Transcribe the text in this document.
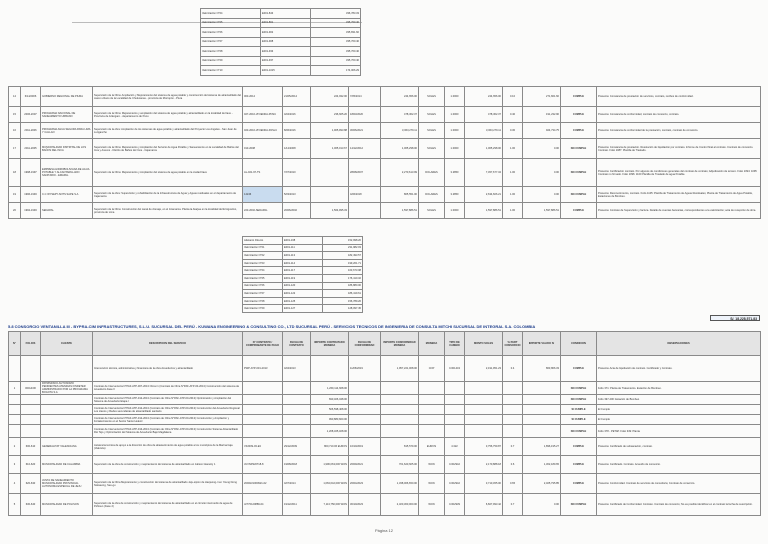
Valorización N°04	E001-843	336,783.33
Valorización N°05	E001-861	335,760.40
Valorización N°06	E001-902	335,831.60
Valorización N°07	E001-908	335,760.40
Valorización N°08	E001-933	335,760.40
Valorización N°09	E001-937	335,760.40
Valorización N°10	E001-1015	174,006.29
14	6/14/2006	GOBIERNO REGIONAL DE PIURA	Supervisión de la Obra: Ampliación y Mejoramiento del sistema de agua potable y construcción del sistema de alcantarillado del casco urbano de la Localidad de Chulucanas - provincia de Morropón - Piura	003-2014	21/05/2014	224,932.00	7/05/2014	244,656.00	SOLES	1.0000	244,656.00	0.10	271,821.60	CUMPLE	Presenta: Constancia de prestación de servicios, contrato, recibos de conformidad.
15	2006-2007	PROGRAMA NACIONAL DE SANEAMIENTO URBANO	Supervisión de la Obra: Mejoramiento y ampliación del sistema de agua potable y alcantarillado en la localidad de Ilave - Provincia de Azángaro - departamento de Puno	027-2016-VIVIENDA-PNSU	4/04/2016	236,665.20	18/03/2020	478,362.37	SOLES	1.0000	478,362.37	0.40	191,232.90	CUMPLE	Presenta: Constancia de conformidad, contrato de consorcio, contrato.
16	2011-2006	PROGRAMA AGUA SEGURA PARA LIMA Y CALLAO	Supervisión de la obra: Ampliación de los sistemas de agua potable y alcantarillado del Proyecto Los Angeles - San Juan de Lurigancho	023-2016-VIVIENDA-PASLC	8/06/2016	1,905,993.88	30/06/2021	3,063,279.11	SOLES	1.0000	3,063,279.11	0.30	924,734.75	CUMPLE	Presenta: Constancia de conformidad de la prestación, contrato, contrato de consorcio.
17	2011-2005	MUNICIPALIDAD DISTRITAL DE LOS BAÑOS DEL INCA	Supervisión de la Obra: Mejoramiento y Ampliación del Servicio de Agua Potable y Saneamiento en la Localidad de Baños del Inca y Anexos - Distrito de Baños del Inca - Cajamarca	013-2008	1/12/2008	1,065,013.67	14/12/2012	1,065,298.00	SOLES	1.0000	1,065,298.00	1.00	0.00	NO CUMPLE	Presenta: Constancia de prestación. Resolución de liquidación por contrato. Informe de Control final al contrato. Contrato de consorcio. Contrato. Folio 1087: Planilla de Traslado.
18	1998-1997	EMPRESA HIDROBOLIVIANA DE AGUA POTABLE Y ALCANTARILLADO SANITARIO - EMAPAL	Supervisión de la Obra: Mejoramiento y Ampliación del sistema de agua potable en la ciudad Ilave	AL-021-97-TS	7/07/2010		28/08/2007	2,270,613.99	DOLARES	3.2850	7,457,677.34	1.00	0.00	NO CUMPLE	Presenta: Certificación contrato. Por algunos de condiciones generales del contrato de contrato; Adjudicación de tercero. Folio 1094: 1095 Contrato no firmado. Folio 1096: 1100 Planilla de Traslado de agua Potable.
19	1996-1993	C.C WYSEPY-SNTS SAPE S.A	Supervisión de la obra: Supervisión y rehabilitación de la Infraestructura de Agua y Aguas residuales en el departamento de Cajamarca	14246	5/03/2013		4/06/2018	805,551.00	DOLARES	3.2850	2,634,606.21	1.00	0.00	NO CUMPLE	Presenta: Reconocimiento, contrato. Folio 1105: Planilla de Tratamiento de Aguas Residuales; Planta de Tratamiento de Agua Potable, Estaciones de Bombeo.
20	1992-1993	SEDAPAL	Supervisión de la Obra: Construcción del canal de drenaje, en el Jicamarca. Planta la Atarjea en la localidad del El Agustino, provincia de Lima	223-2002-SEDAPAL	20/06/2002	1,564,995.33		1,597,886.51	SOLES	1.0000	1,597,886.51	1.00	1,597,886.51	CUMPLE	Presenta: Contrato de Supervisión y factura. Detalle de cuentas bancarias, correspondientes a la valorización; acta de recepción de obra.
Adelanto Directo	E001-168	152,998.20
Valorización N°01	E001-111	231,982.03
Valorización N°02	E001-113	182,493.57
Valorización N°03	E001-114	199,261.71
Valorización N°04	E001-117	163,673.08
Valorización N°05	E001-119	176,410.32
Valorización N°06	E001-120	186,880.00
Valorización N°07	E001-122	186,419.61
Valorización N°08	E001-125	156,789.26
Valorización N°09	E001-127	128,097.45
S/. 18,228,571.83
5.8 CONSORCIO VENTANILLA III - BYPRA-CIM INFRASTRUCTURES, S.L.U. SUCURSAL DEL PERÚ - KUWANA ENGINEERING & CONSULTING CO., LTD SUCURSAL PERÚ - SERVICIOS TECNICOS DE INGENIERIA DE CONSULTA MITCHI SUCURSAL DE INTEGRAL S.A. COLOMBIA
N°	FOLIOS	CLIENTE	DESCRIPCION DEL SERVICIO	N° CONTRATO / COMPROBANTE DE PAGO	FECHA DE CONTRATO	IMPORTE CONTRATADO MONEDA	FECHA DE CONFORMIDAD	IMPORTE CONFORMIDAD MONEDA	MONEDA	TIPO DE CAMBIO	MONTO SOLES	% PART CONSORCIO	IMPORTE VALIDO S/	CONDICION	OBSERVACIONES
			Intervención técnica, administrativa y financiera de la obra Acueductos y alcantarillado	PWP-ATP-001-2013	4/04/2013		11/06/2019	1,957,221,008.00	COP	0.001443	2,191,951.23	0.4	863,806.33	CUMPLE	Presenta: Acta de liquidación de contrato. Certificado y Contrato.
1	000x4/00	PATRIMONIO AUTONOMO PENDIENTES ATENIDAS FINDETER ADMINISTRADO POR LA PROGRAMA BOGOTA S.A	Contrato de Interventoría N°PAF-ATP-007-2013 Otrosi 1 (Contrato de Obra N°PAF-ATP-00-2013) Construcción del sistema de Acueducto Fase II			1,269,114,668.00								NO CUMPLE	Folio 371: Planta de Tratamiento. Estación de Bombeo.
			Contrato de Interventoría N°PAF-ATP-012-2013 (Contrato de Obra N°PAF-ATP-00-2013) Optimización y Ampliación del Sistema de Acueducto Etapa I			690,406,048.00								NO CUMPLE	Folio 397-400: Estación de Bombeo
			Contrato de Interventoría N°PAF-ATP-012-2013 (Contrato de Obra N°PAF-ATP-00-2013) Construcción del Acueducto Regional Los Llanos y Redes secundarias de alcantarillado sanitario			506,598,408.00								SI CUMPLE	El Cumple
			Contrato de Interventoría N°PAF-ATP-012-2013 (Contrato de Obra N°PAF-ATP-00-2013) Construcción y Ampliación y Fortalecimiento en el Sector Santo Helecir			990,880,820.00								SI CUMPLE	El Cumple
			Contrato de Interventoría N°PAF-ATP-013-2013 (Contrato de Obra N°PAF-ATP-00-2013) Construcción Sistema Alcantarillado Río Tejo y Optimización del Sistema de Acueducto Bajo Magdalena			1,208,325,408.00								NO CUMPLE	Folio 378 - PETAP. Folio 349: Planta
2	600-610	GENERALITAT VALENCIANA	Asistencia técnica de apoyo a la dirección de obra de abastecimiento de agua potable a los municipios de la Marina baja (Valencia)	VF2009-03-E3	29/12/2009	800,710.06 EUROS	16/10/2019	815,579.00	EUROS	4.322	3,756,759.87	0.7	1,896,195.27	CUMPLE	Presenta: Certificado de subsanación, contrato.
3	610-620	MUNICIPALIDAD DE CALAMBIA	Supervisión de la obra de construcción y mejoramiento del sistema de alcantarillado en Jalisco Gianetty 1	JUVSIPENT18-8	19/08/2018	1,996,063,000 WON	26/09/2021	701,620,605.00	WON	0.002942	2,170,888.18	0.6	1,302,189.65	CUMPLE	Presenta: Certificado. Contrato. Acuerdo de consorcio.
4	620-630	JUNTA DE SANEAMIENTO MUNICIPALIDAD PROVINCIAL AUTONOMA ESPECIAL DE JEJU	Supervisión de la Obra Mejoramiento y construcción del sistema de alcantarillado Jeju-sipion de Hanjeong-ri en Young Dong Nokseong, Seo-gu	20/09/21060921-02	4/07/2014	1,663,642,000 WON	26/04/2023	1,338,006,650.00	WON	0.002942	3,710,455.00	0.65	2,405,795.85	CUMPLE	Presenta: Conformidad. Contrato de servicios de consultoría; Contrato de consorcio.
5	630-640	MUNICIPALIDAD DE POLISON	Supervisión de la obra de construcción y mejoramiento del sistema de alcantarillado en el circuito intermedio de agua de Pohisun (Fase 2)	J2770120889-04	19/12/2011	7,113,750,000 WON	30/10/2023	2,320,300,000.00	WON	0.002939	6,827,993.42	0.7	0.00	NO CUMPLE	Presenta: Certificado de Conformidad. Contrato. Contrato de consorcio; No es posible identificar en el contrato la fecha de suscripción.
Página 12
